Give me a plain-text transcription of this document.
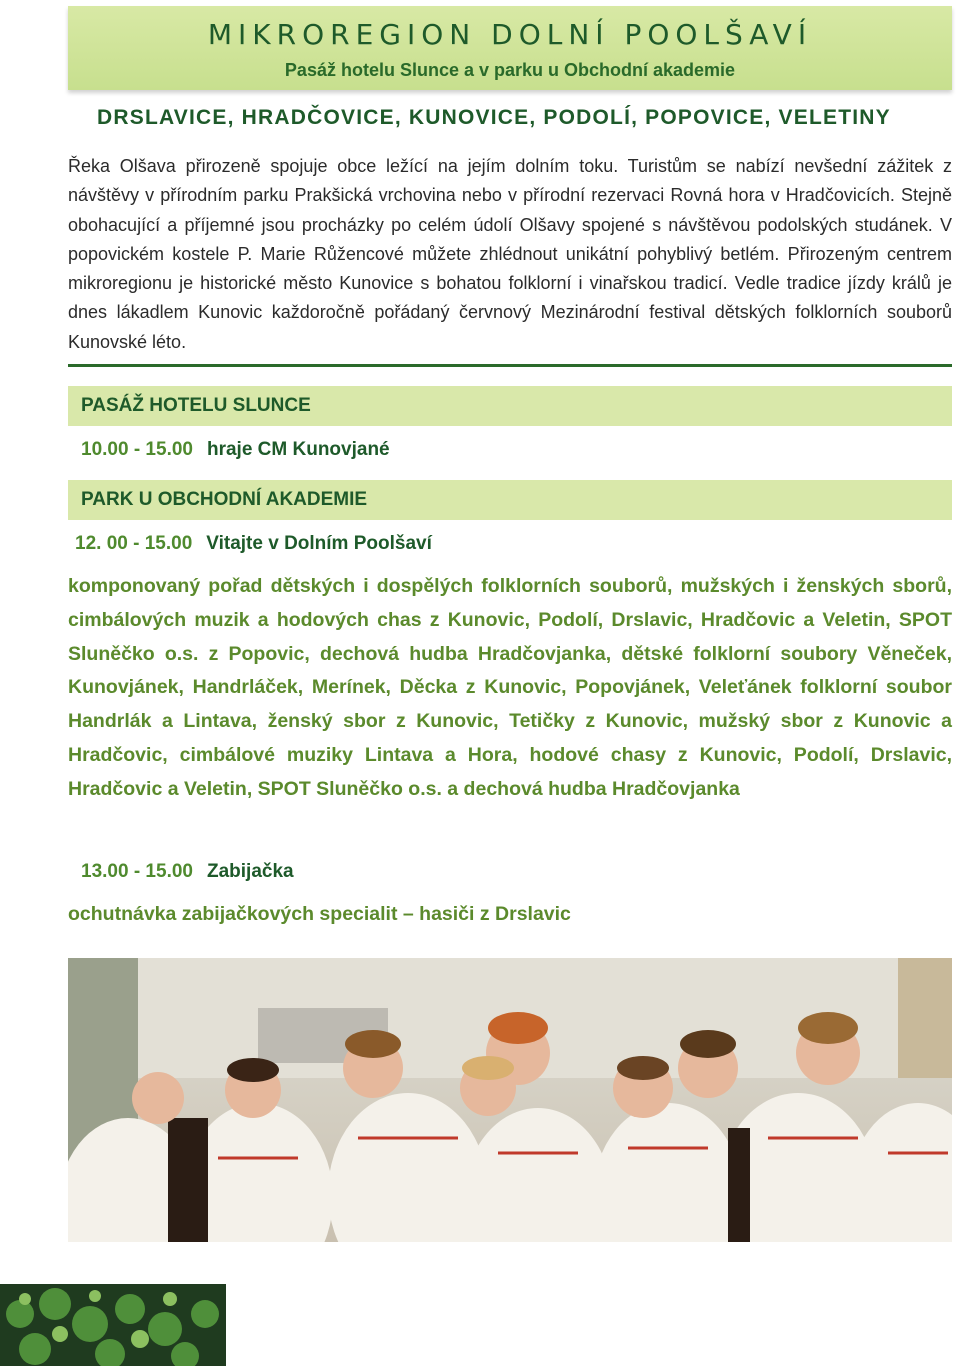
MIKROREGION DOLNÍ POOLŠAVÍ
Pasáž hotelu Slunce a v parku u Obchodní akademie
DRSLAVICE, HRADČOVICE, KUNOVICE, PODOLÍ, POPOVICE, VELETINY

Řeka Olšava přirozeně spojuje obce ležící na jejím dolním toku. Turistům se nabízí nevšední zážitek z návštěvy v přírodním parku Prakšická vrchovina nebo v přírodní rezervaci Rovná hora v Hradčovicích. Stejně obohacující a příjemné jsou procházky po celém údolí Olšavy spojené s návštěvou podolských studánek. V popovickém kostele P. Marie Růžencové můžete zhlédnout unikátní pohyblivý betlém. Přirozeným centrem mikroregionu je historické město Kunovice s bohatou folklorní i vinařskou tradicí. Vedle tradice jízdy králů je dnes lákadlem Kunovic každoročně pořádaný červnový Mezinárodní festival dětských folklorních souborů Kunovské léto.

PASÁŽ HOTELU SLUNCE
10.00 - 15.00 hraje CM Kunovjané
PARK U OBCHODNÍ AKADEMIE
12. 00 - 15.00 Vitajte v Dolním Poolšaví

komponovaný pořad dětských i dospělých folklorních souborů, mužských i ženských sborů, cimbálových muzik a hodových chas z Kunovic, Podolí, Drslavic, Hradčovic a Veletin, SPOT Sluněčko o.s. z Popovic, dechová hudba Hradčovjanka, dětské folklorní soubory Věneček, Kunovjánek, Handrláček, Merínek, Děcka z Kunovic, Popovjánek, Veleťánek folklorní soubor Handrlák a Lintava, ženský sbor z Kunovic, Tetičky z Kunovic, mužský sbor z Kunovic a Hradčovic, cimbálové muziky Lintava a Hora, hodové chasy z Kunovic, Podolí, Drslavic, Hradčovic a Veletin, SPOT Sluněčko o.s. a dechová hudba Hradčovjanka

13.00 - 15.00 Zabijačka

ochutnávka zabijačkových specialit – hasiči z Drslavic
